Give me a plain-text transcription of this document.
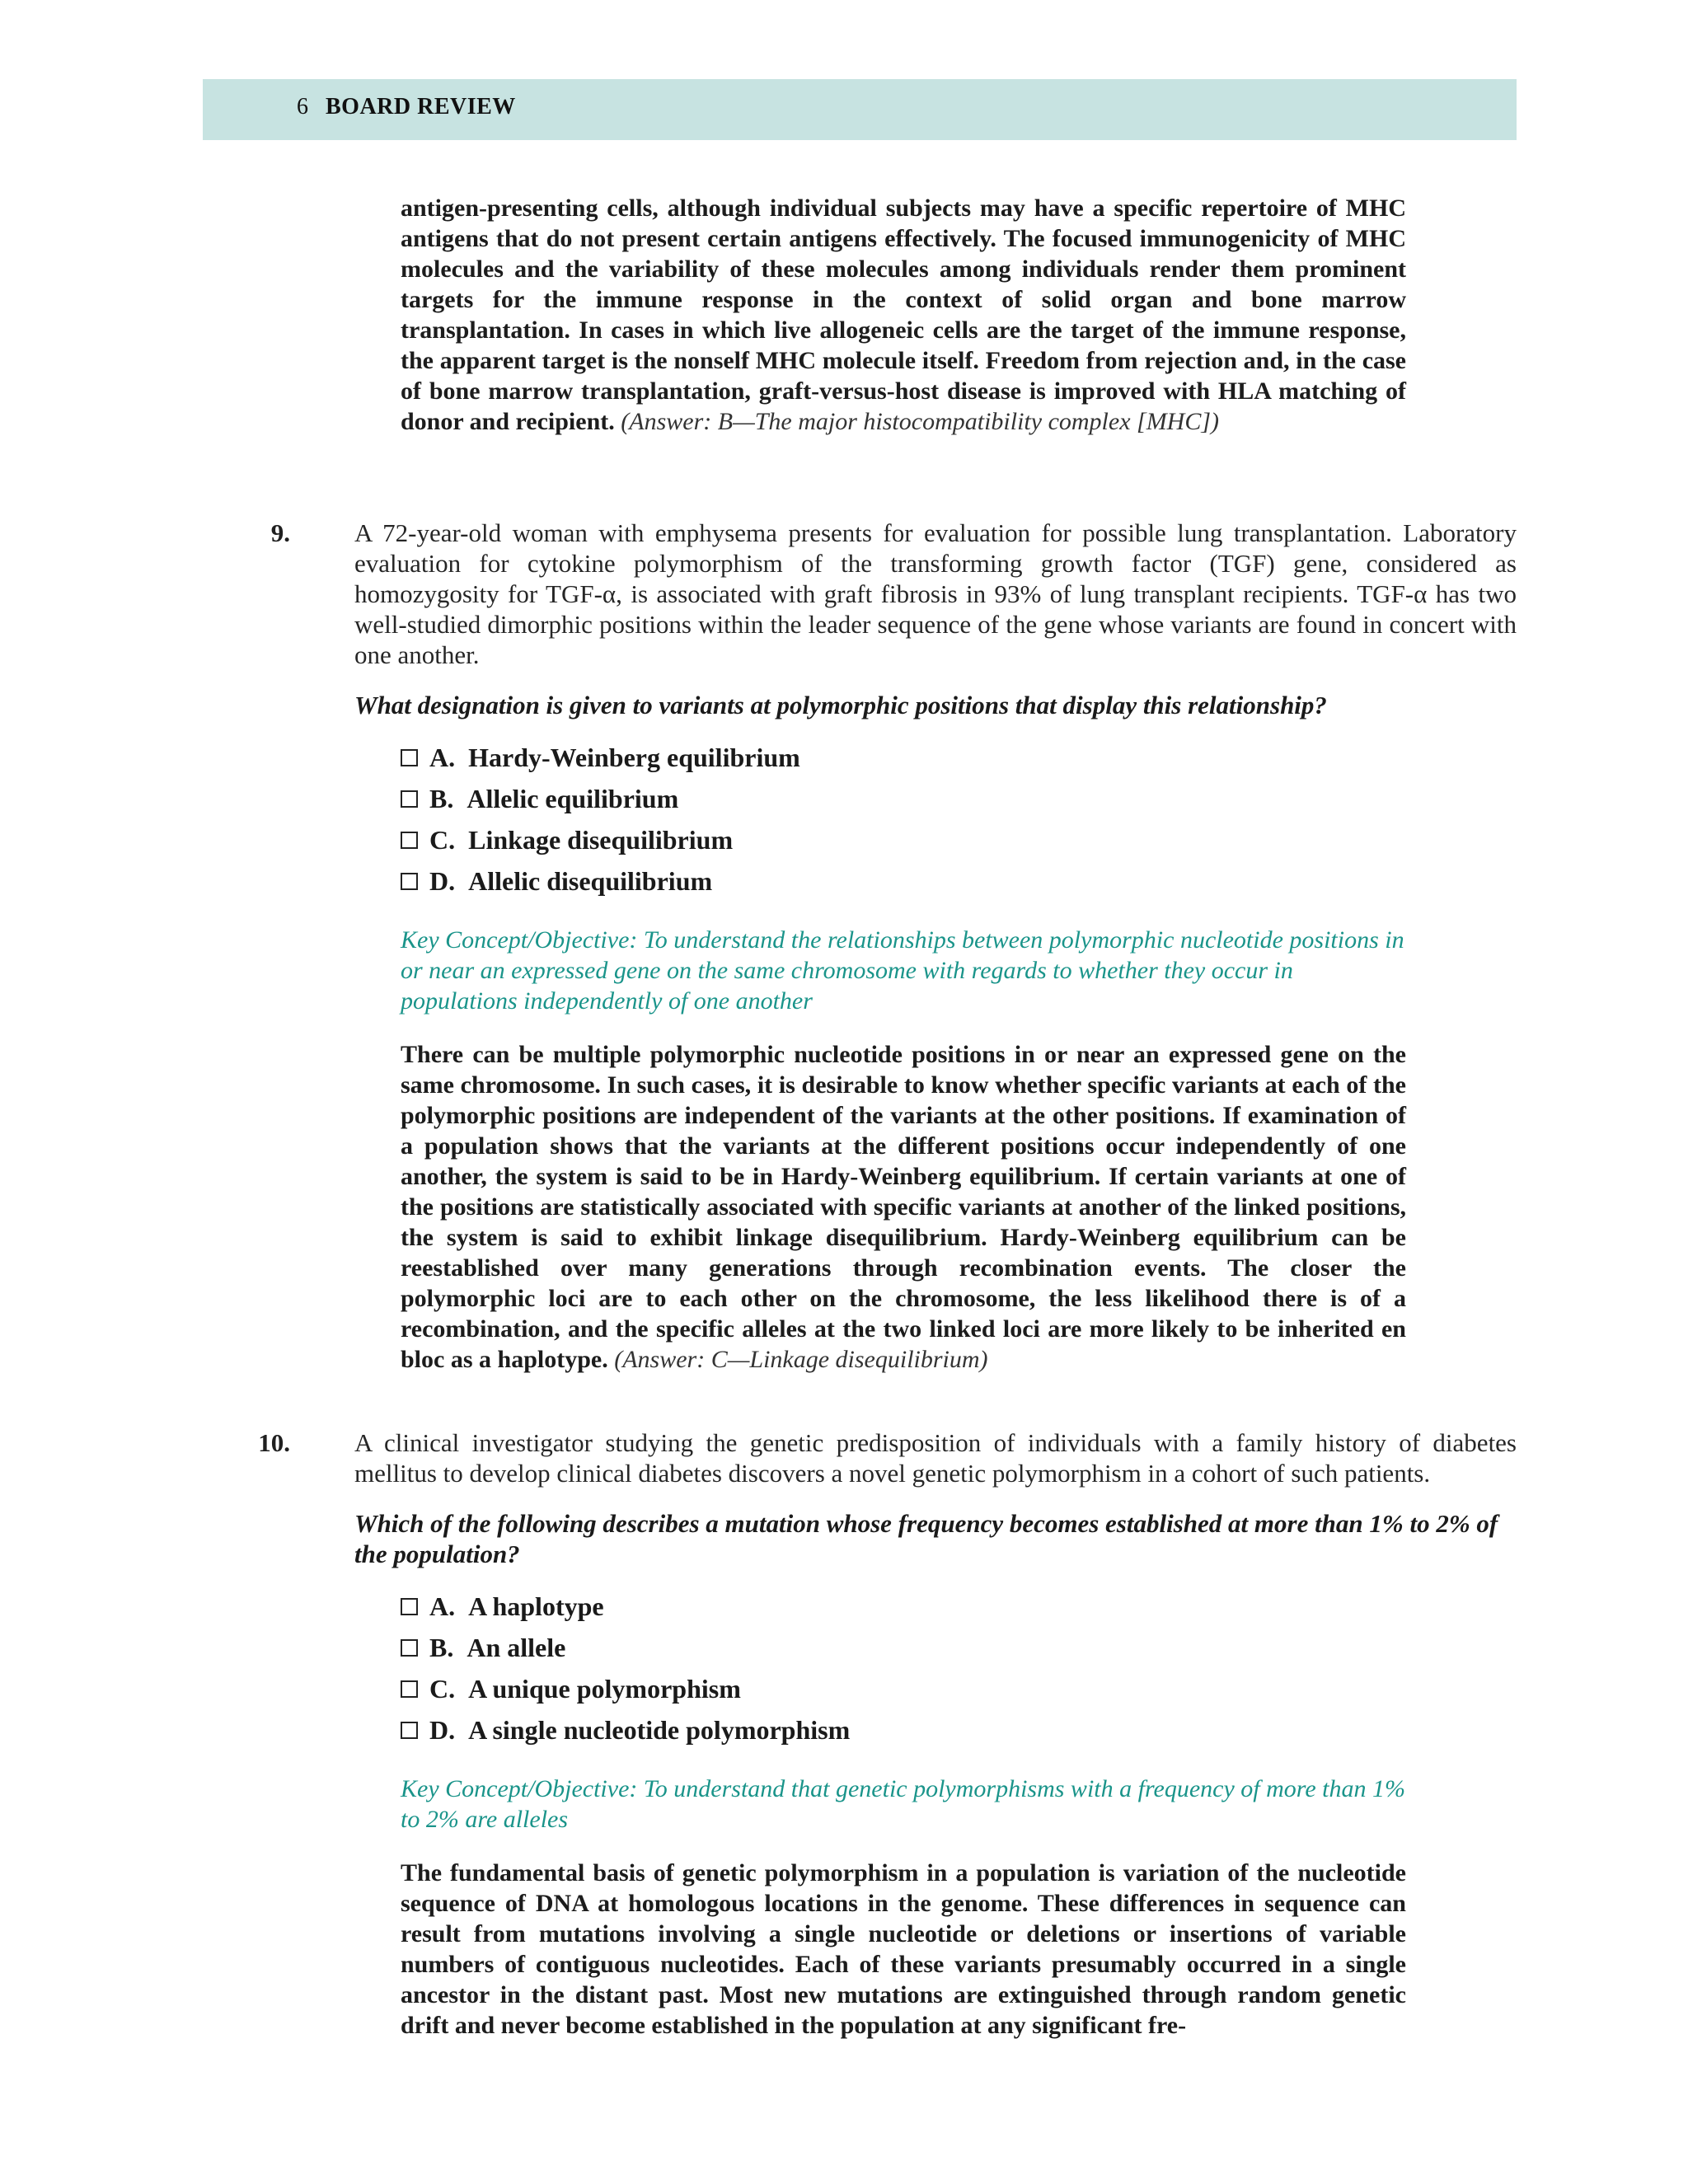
6 BOARD REVIEW
antigen-presenting cells, although individual subjects may have a specific repertoire of MHC antigens that do not present certain antigens effectively. The focused immunogenicity of MHC molecules and the variability of these molecules among individuals render them prominent targets for the immune response in the context of solid organ and bone marrow transplantation. In cases in which live allogeneic cells are the target of the immune response, the apparent target is the nonself MHC molecule itself. Freedom from rejection and, in the case of bone marrow transplantation, graft-versus-host disease is improved with HLA matching of donor and recipient. (Answer: B—The major histocompatibility complex [MHC])
9.	A 72-year-old woman with emphysema presents for evaluation for possible lung transplantation. Laboratory evaluation for cytokine polymorphism of the transforming growth factor (TGF) gene, considered as homozygosity for TGF-α, is associated with graft fibrosis in 93% of lung transplant recipients. TGF-α has two well-studied dimorphic positions within the leader sequence of the gene whose variants are found in concert with one another.
What designation is given to variants at polymorphic positions that display this relationship?
A. Hardy-Weinberg equilibrium
B. Allelic equilibrium
C. Linkage disequilibrium
D. Allelic disequilibrium
Key Concept/Objective: To understand the relationships between polymorphic nucleotide positions in or near an expressed gene on the same chromosome with regards to whether they occur in populations independently of one another
There can be multiple polymorphic nucleotide positions in or near an expressed gene on the same chromosome. In such cases, it is desirable to know whether specific variants at each of the polymorphic positions are independent of the variants at the other positions. If examination of a population shows that the variants at the different positions occur independently of one another, the system is said to be in Hardy-Weinberg equilibrium. If certain variants at one of the positions are statistically associated with specific variants at another of the linked positions, the system is said to exhibit linkage disequilibrium. Hardy-Weinberg equilibrium can be reestablished over many generations through recombination events. The closer the polymorphic loci are to each other on the chromosome, the less likelihood there is of a recombination, and the specific alleles at the two linked loci are more likely to be inherited en bloc as a haplotype. (Answer: C—Linkage disequilibrium)
10.	A clinical investigator studying the genetic predisposition of individuals with a family history of diabetes mellitus to develop clinical diabetes discovers a novel genetic polymorphism in a cohort of such patients.
Which of the following describes a mutation whose frequency becomes established at more than 1% to 2% of the population?
A. A haplotype
B. An allele
C. A unique polymorphism
D. A single nucleotide polymorphism
Key Concept/Objective: To understand that genetic polymorphisms with a frequency of more than 1% to 2% are alleles
The fundamental basis of genetic polymorphism in a population is variation of the nucleotide sequence of DNA at homologous locations in the genome. These differences in sequence can result from mutations involving a single nucleotide or deletions or insertions of variable numbers of contiguous nucleotides. Each of these variants presumably occurred in a single ancestor in the distant past. Most new mutations are extinguished through random genetic drift and never become established in the population at any significant fre-
